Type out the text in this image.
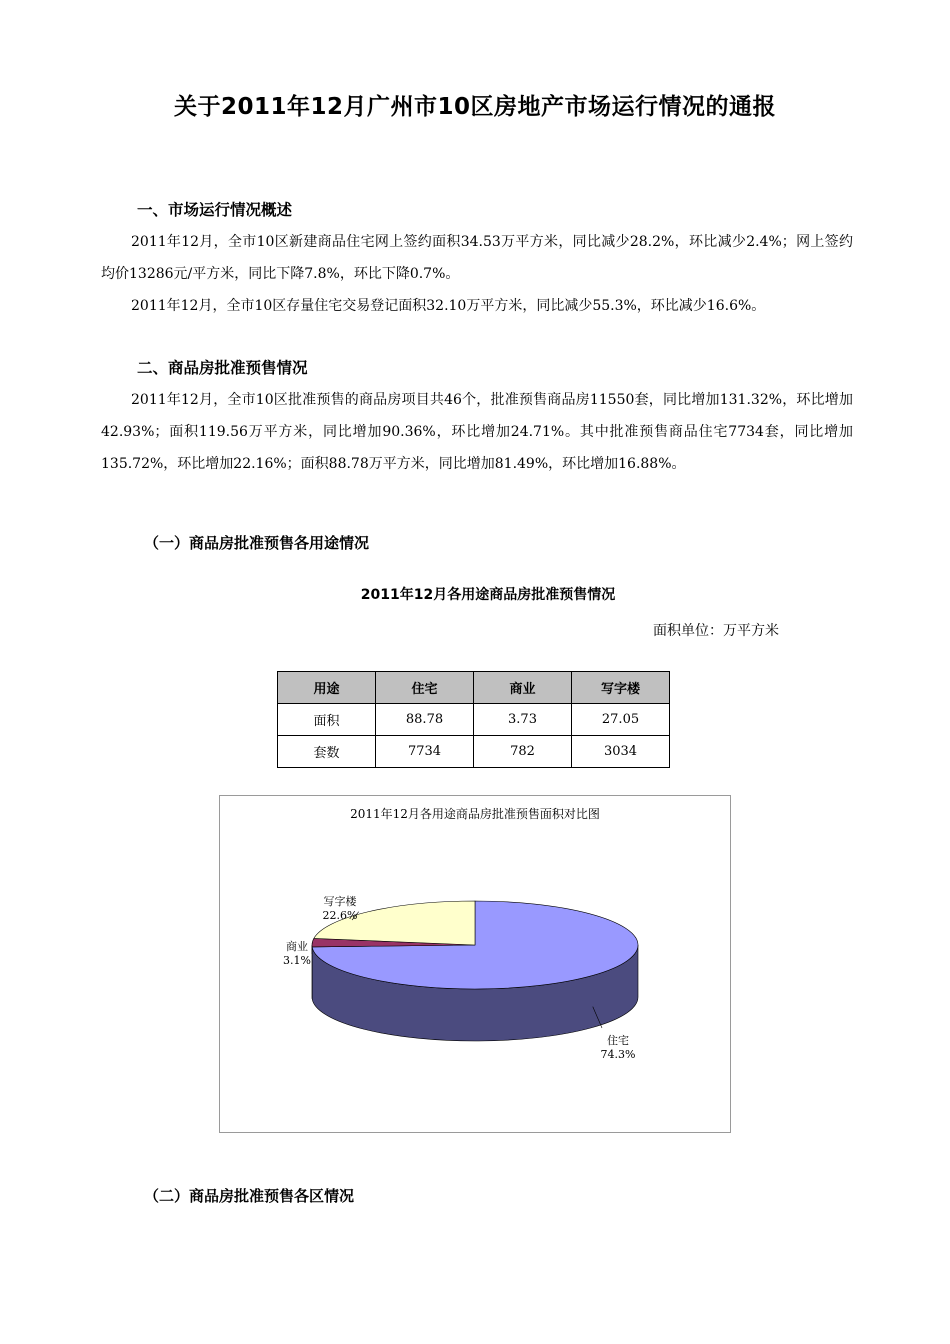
关于2011年12月广州市10区房地产市场运行情况的通报
一、市场运行情况概述

2011年12月，全市10区新建商品住宅网上签约面积34.53万平方米，同比减少28.2%，环比减少2.4%；网上签约均价13286元/平方米，同比下降7.8%，环比下降0.7%。

2011年12月，全市10区存量住宅交易登记面积32.10万平方米，同比减少55.3%，环比减少16.6%。

二、商品房批准预售情况

2011年12月，全市10区批准预售的商品房项目共46个，批准预售商品房11550套，同比增加131.32%，环比增加42.93%；面积119.56万平方米，同比增加90.36%，环比增加24.71%。其中批准预售商品住宅7734套，同比增加135.72%，环比增加22.16%；面积88.78万平方米，同比增加81.49%，环比增加16.88%。

（一）商品房批准预售各用途情况
2011年12月各用途商品房批准预售情况
面积单位：万平方米
用途	住宅	商业	写字楼
面积	88.78	3.73	27.05
套数	7734	782	3034
2011年12月各用途商品房批准预售面积对比图
住宅
74.3%
商业
3.1%
写字楼
22.6%
（二）商品房批准预售各区情况
